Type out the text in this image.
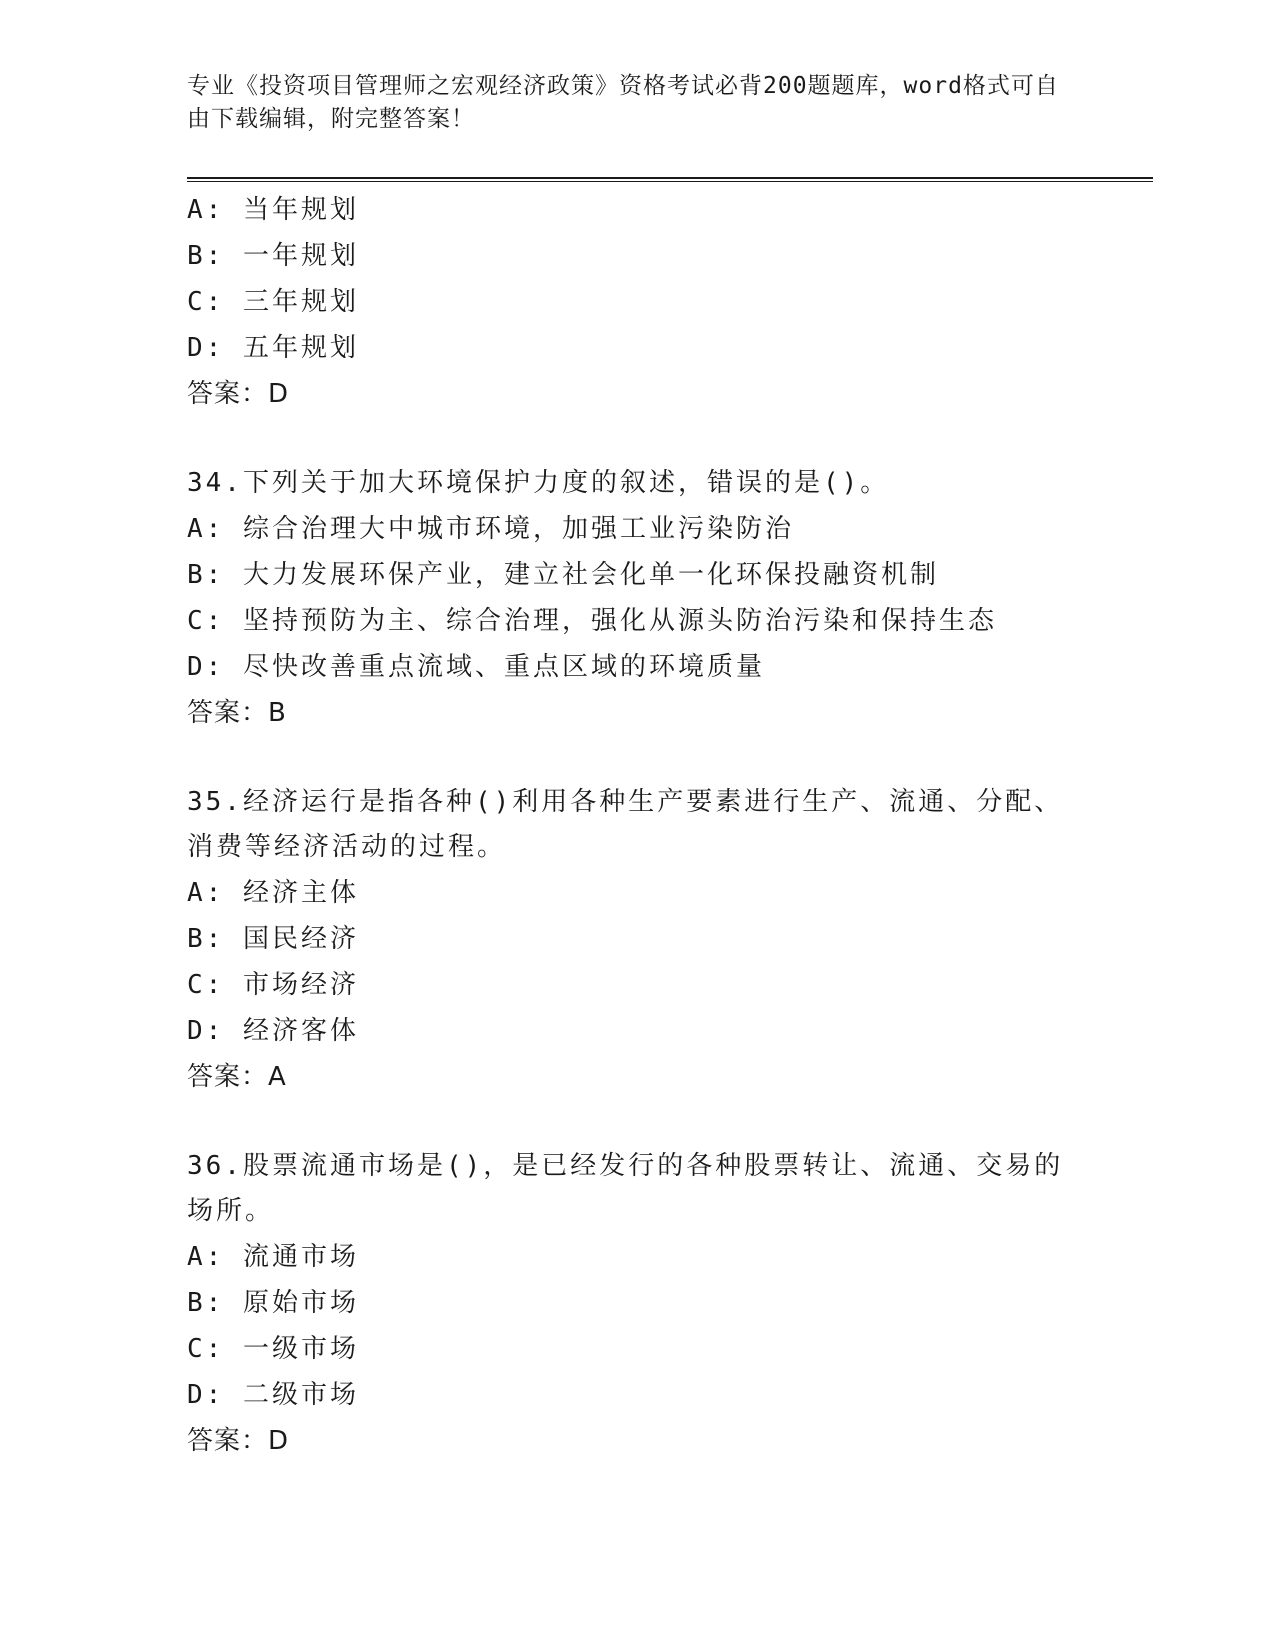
专业《投资项目管理师之宏观经济政策》资格考试必背200题题库，word格式可自由下载编辑，附完整答案！
A: 当年规划
B: 一年规划
C: 三年规划
D: 五年规划
答案：D
34.下列关于加大环境保护力度的叙述，错误的是()。
A: 综合治理大中城市环境，加强工业污染防治
B: 大力发展环保产业，建立社会化单一化环保投融资机制
C: 坚持预防为主、综合治理，强化从源头防治污染和保持生态
D: 尽快改善重点流域、重点区域的环境质量
答案：B
35.经济运行是指各种()利用各种生产要素进行生产、流通、分配、消费等经济活动的过程。
A: 经济主体
B: 国民经济
C: 市场经济
D: 经济客体
答案：A
36.股票流通市场是()，是已经发行的各种股票转让、流通、交易的场所。
A: 流通市场
B: 原始市场
C: 一级市场
D: 二级市场
答案：D
